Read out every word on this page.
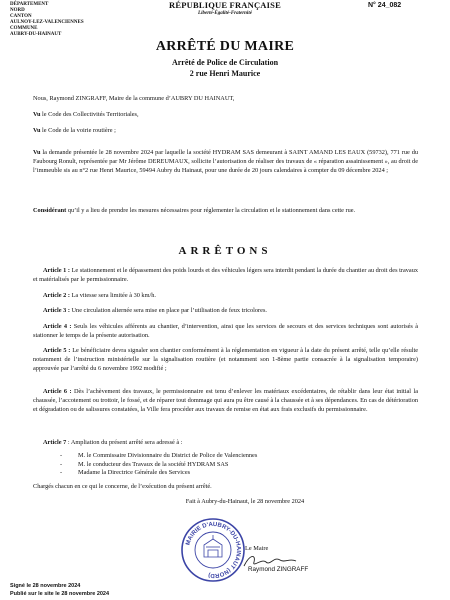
DÉPARTEMENT
NORD
CANTON
AULNOY-LEZ-VALENCIENNES
COMMUNE
AUBRY-DU-HAINAUT
RÉPUBLIQUE FRANÇAISE
Liberté-Égalité-Fraternité
N° 24_082
ARRÊTÉ DU MAIRE
Arrêté de Police de Circulation
2 rue Henri Maurice
Nous, Raymond ZINGRAFF, Maire de la commune d’AUBRY DU HAINAUT,
Vu le Code des Collectivités Territoriales,
Vu le Code de la voirie routière ;
Vu la demande présentée le 28 novembre 2024 par laquelle la société HYDRAM SAS demeurant à SAINT AMAND LES EAUX (59732), 771 rue du Faubourg Ronult, représentée par Mr Jérôme DEREUMAUX, sollicite l’autorisation de réaliser des travaux de « réparation assainissement », au droit de l’immeuble sis au n°2 rue Henri Maurice, 59494 Aubry du Hainaut, pour une durée de 20 jours calendaires à compter du 09 décembre 2024 ;
Considérant qu’il y a lieu de prendre les mesures nécessaires pour réglementer la circulation et le stationnement dans cette rue.
ARRÊTONS
Article 1 : Le stationnement et le dépassement des poids lourds et des véhicules légers sera interdit pendant la durée du chantier au droit des travaux et matérialisés par le permissionnaire.
Article 2 : La vitesse sera limitée à 30 km/h.
Article 3 : Une circulation alternée sera mise en place par l’utilisation de feux tricolores.
Article 4 : Seuls les véhicules afférents au chantier, d’intervention, ainsi que les services de secours et des services techniques sont autorisés à stationner le temps de la présente autorisation.
Article 5 : Le bénéficiaire devra signaler son chantier conformément à la réglementation en vigueur à la date du présent arrêté, telle qu’elle résulte notamment de l’instruction ministérielle sur la signalisation routière (et notamment son 1-8ème partie consacrée à la signalisation temporaire) approuvée par l’arrêté du 6 novembre 1992 modifié ;
Article 6 : Dès l’achèvement des travaux, le permissionnaire est tenu d’enlever les matériaux excédentaires, de rétablir dans leur état initial la chaussée, l’accotement ou trottoir, le fossé, et de réparer tout dommage qui aura pu être causé à la chaussée et à ses dépendances. En cas de détérioration et dégradation ou de salissures constatées, la Ville fera procéder aux travaux de remise en état aux frais exclusifs du permissionnaire.
Article 7 : Ampliation du présent arrêté sera adressé à :
- M. le Commissaire Divisionnaire du District de Police de Valenciennes
- M. le conducteur des Travaux de la société HYDRAM SAS
- Madame la Directrice Générale des Services
Chargés chacun en ce qui le concerne, de l’exécution du présent arrêté.
Fait à Aubry-du-Hainaut, le 28 novembre 2024
MAIRIE D'AUBRY-DU-HAINAUT (NORD)
Le Maire
Raymond ZINGRAFF
Signé le 28 novembre 2024
Publié sur le site le 28 novembre 2024
